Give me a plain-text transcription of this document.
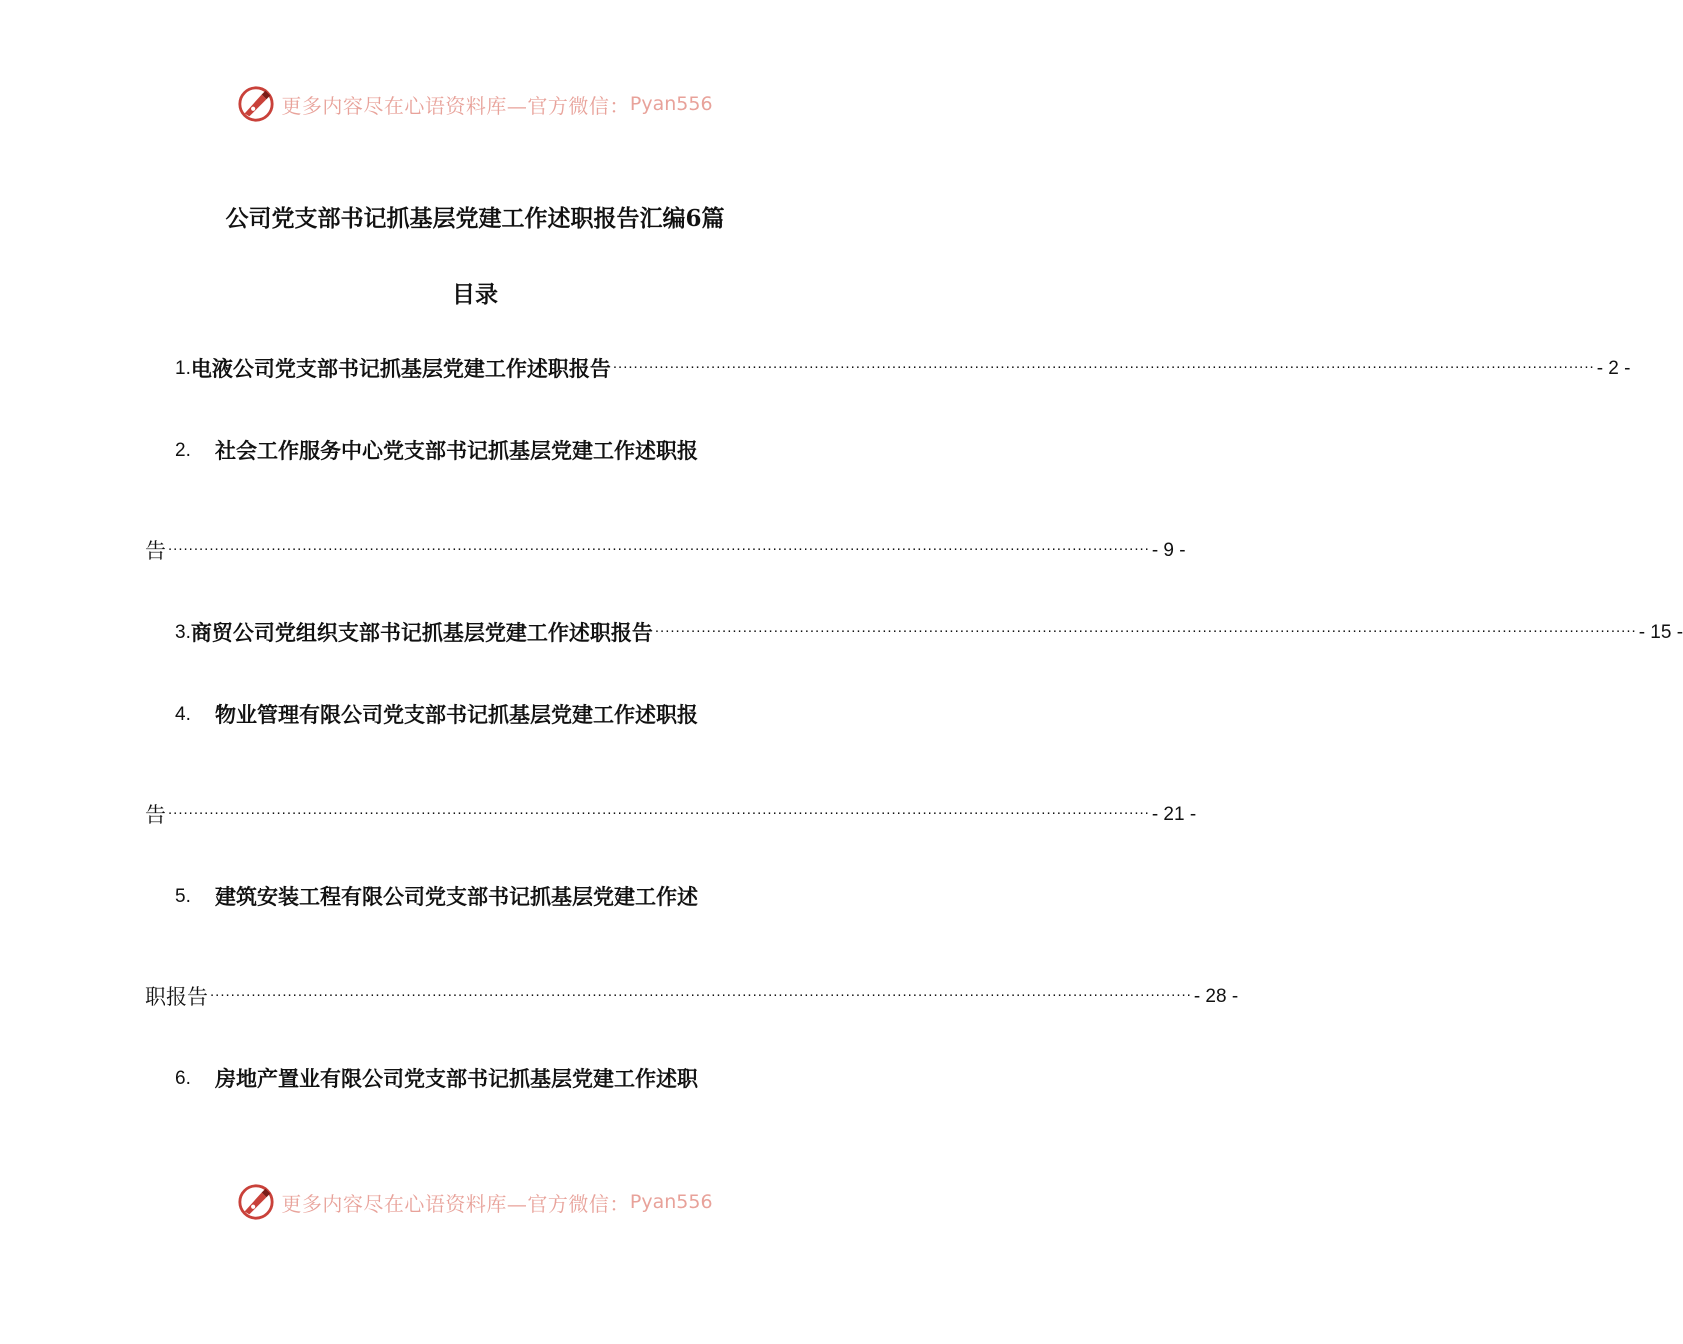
更多内容尽在心语资料库—官方微信： Pyan556
公司党支部书记抓基层党建工作述职报告汇编6篇
目录
1. 电液公司党支部书记抓基层党建工作述职报告 .............................................................................................................................................................................................. - 2 -
2.	社会工作服务中心党支部书记抓基层党建工作述职报
告 .............................................................................................................................................................................................. - 9 -
3. 商贸公司党组织支部书记抓基层党建工作述职报告 .............................................................................................................................................................................................. - 15 -
4.	物业管理有限公司党支部书记抓基层党建工作述职报
告 .............................................................................................................................................................................................. - 21 -
5.	建筑安装工程有限公司党支部书记抓基层党建工作述
职报告 .............................................................................................................................................................................................. - 28 -
6.	房地产置业有限公司党支部书记抓基层党建工作述职
更多内容尽在心语资料库—官方微信： Pyan556
